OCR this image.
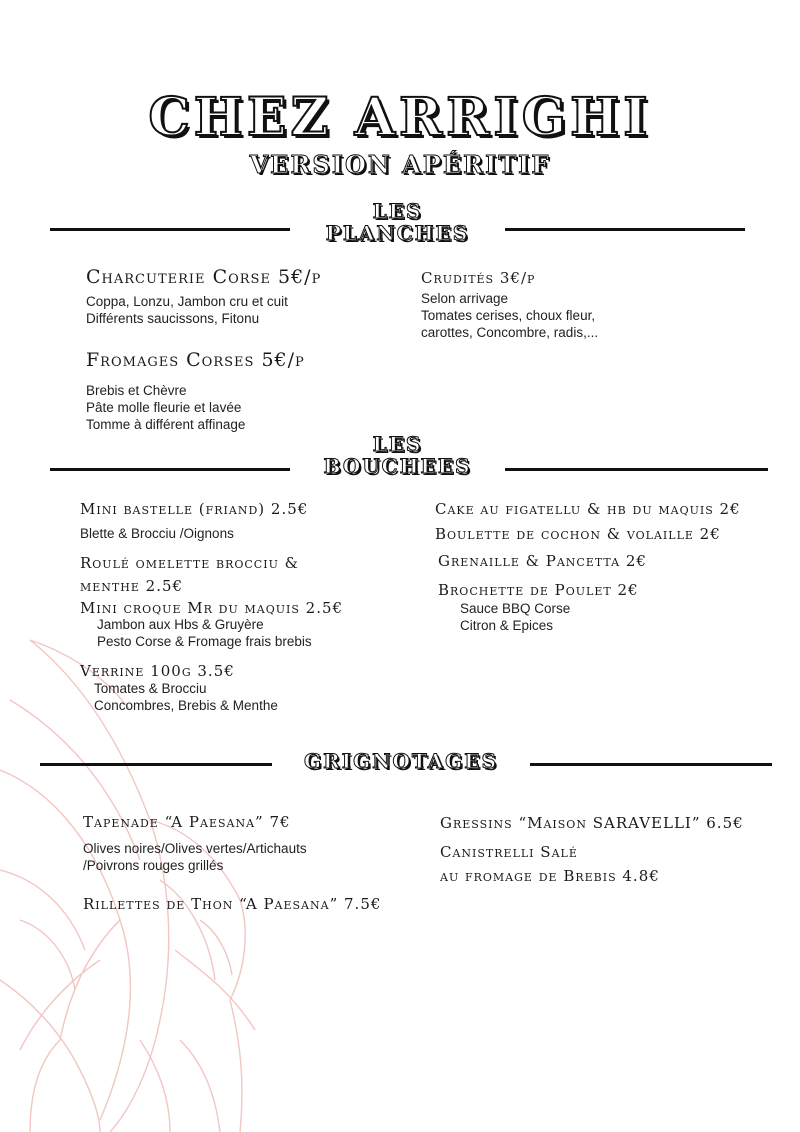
CHEZ ARRIGHI
VERSION APÉRITIF
LES
PLANCHES
Charcuterie Corse 5€/p
Coppa, Lonzu, Jambon cru et cuit
Différents saucissons, Fitonu
Crudités 3€/p
Selon arrivage
Tomates cerises, choux fleur,
carottes, Concombre, radis,...
Fromages Corses 5€/p
Brebis et Chèvre
Pâte molle fleurie et lavée
Tomme à différent affinage
LES
BOUCHEES
Mini bastelle (friand) 2.5€
Blette & Brocciu /Oignons
Roulé omelette brocciu &
menthe 2.5€
Mini croque Mr du maquis 2.5€
Jambon aux Hbs & Gruyère
Pesto Corse & Fromage frais brebis
Verrine 100g 3.5€
Tomates & Brocciu
Concombres, Brebis & Menthe
Cake au figatellu & hb du maquis 2€
Boulette de cochon & volaille 2€
Grenaille & Pancetta 2€
Brochette de Poulet 2€
Sauce BBQ Corse
Citron & Epices
GRIGNOTAGES
Tapenade “A Paesana” 7€
Olives noires/Olives vertes/Artichauts
/Poivrons rouges grillés
Rillettes de Thon “A Paesana” 7.5€
Gressins “Maison SARAVELLI” 6.5€
Canistrelli Salé
au fromage de Brebis 4.8€
